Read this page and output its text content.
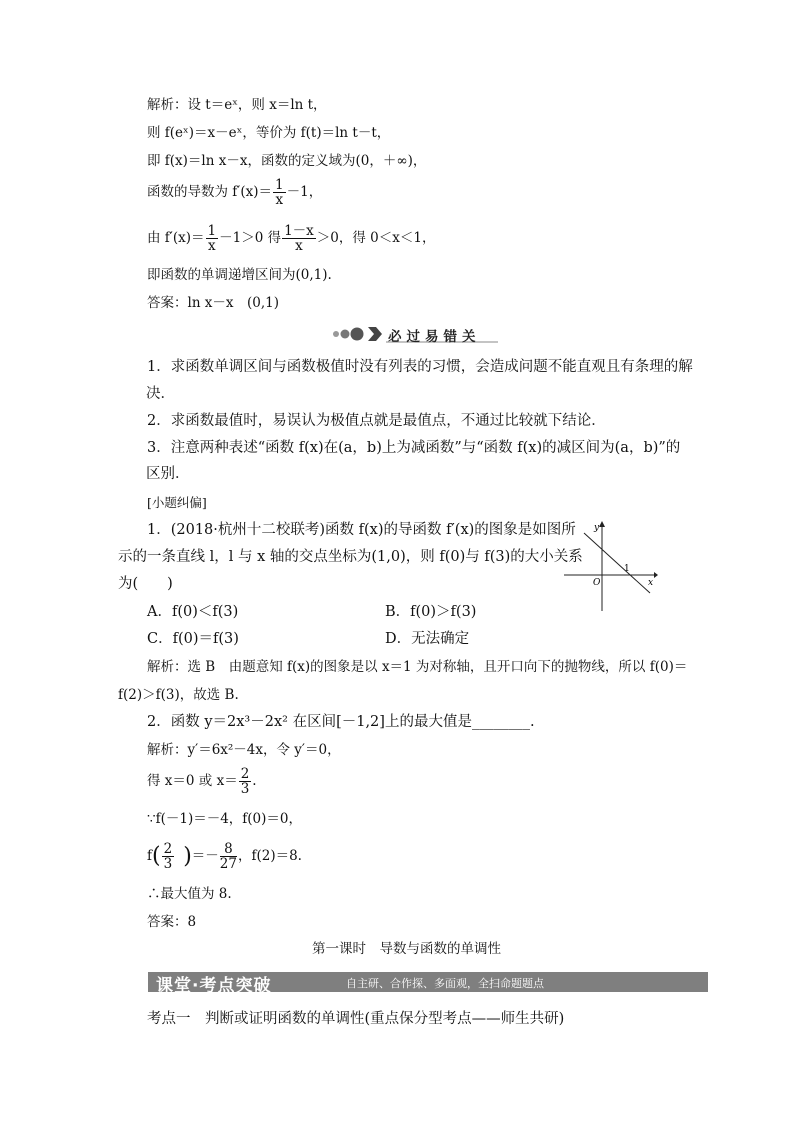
解析：设 t＝eˣ，则 x＝ln t，
则 f(eˣ)＝x－eˣ，等价为 f(t)＝ln t－t，
即 f(x)＝ln x－x，函数的定义域为(0，＋∞)，
函数的导数为 $f'(x)= \frac{1}{x} -1$，
由 $f'(x)= \frac{1}{x} -1>0$ 得 $\frac{1-x}{x} >0$，得 0＜x＜1，
即函数的单调递增区间为(0,1).
答案：ln x－x　(0,1)
必过易错关
1．求函数单调区间与函数极值时没有列表的习惯，会造成问题不能直观且有条理的解
决．
2．求函数最值时，易误认为极值点就是最值点，不通过比较就下结论．
3．注意两种表述“函数 f(x)在(a，b)上为减函数”与“函数 f(x)的减区间为(a，b)”的
区别．
[小题纠偏]
1．(2018·杭州十二校联考)函数 f(x)的导函数 f′(x)的图象是如图所
示的一条直线 l，l 与 x 轴的交点坐标为(1,0)，则 f(0)与 f(3)的大小关系
为(　　)
y
x
O
1
A．f(0)＜f(3)	B．f(0)＞f(3)
C．f(0)＝f(3)	D．无法确定
解析：选 B　由题意知 f(x)的图象是以 x＝1 为对称轴，且开口向下的抛物线，所以 f(0)＝
f(2)＞f(3)，故选 B.
2．函数 y＝2x³－2x² 在区间[－1,2]上的最大值是________.
解析：y′＝6x²－4x，令 y′＝0，
得 x＝0 或 $x= \frac{2}{3}$ .
∵f(－1)＝－4，f(0)＝0，
$f( \frac{2}{3}$ )＝－ $\frac{8}{27}$ ，f(2)＝8.
∴最大值为 8.
答案：8
第一课时　导数与函数的单调性
课堂·考点突破	自主研、合作探、多面观，全扫命题题点
考点一　判断或证明函数的单调性(重点保分型考点——师生共研)
